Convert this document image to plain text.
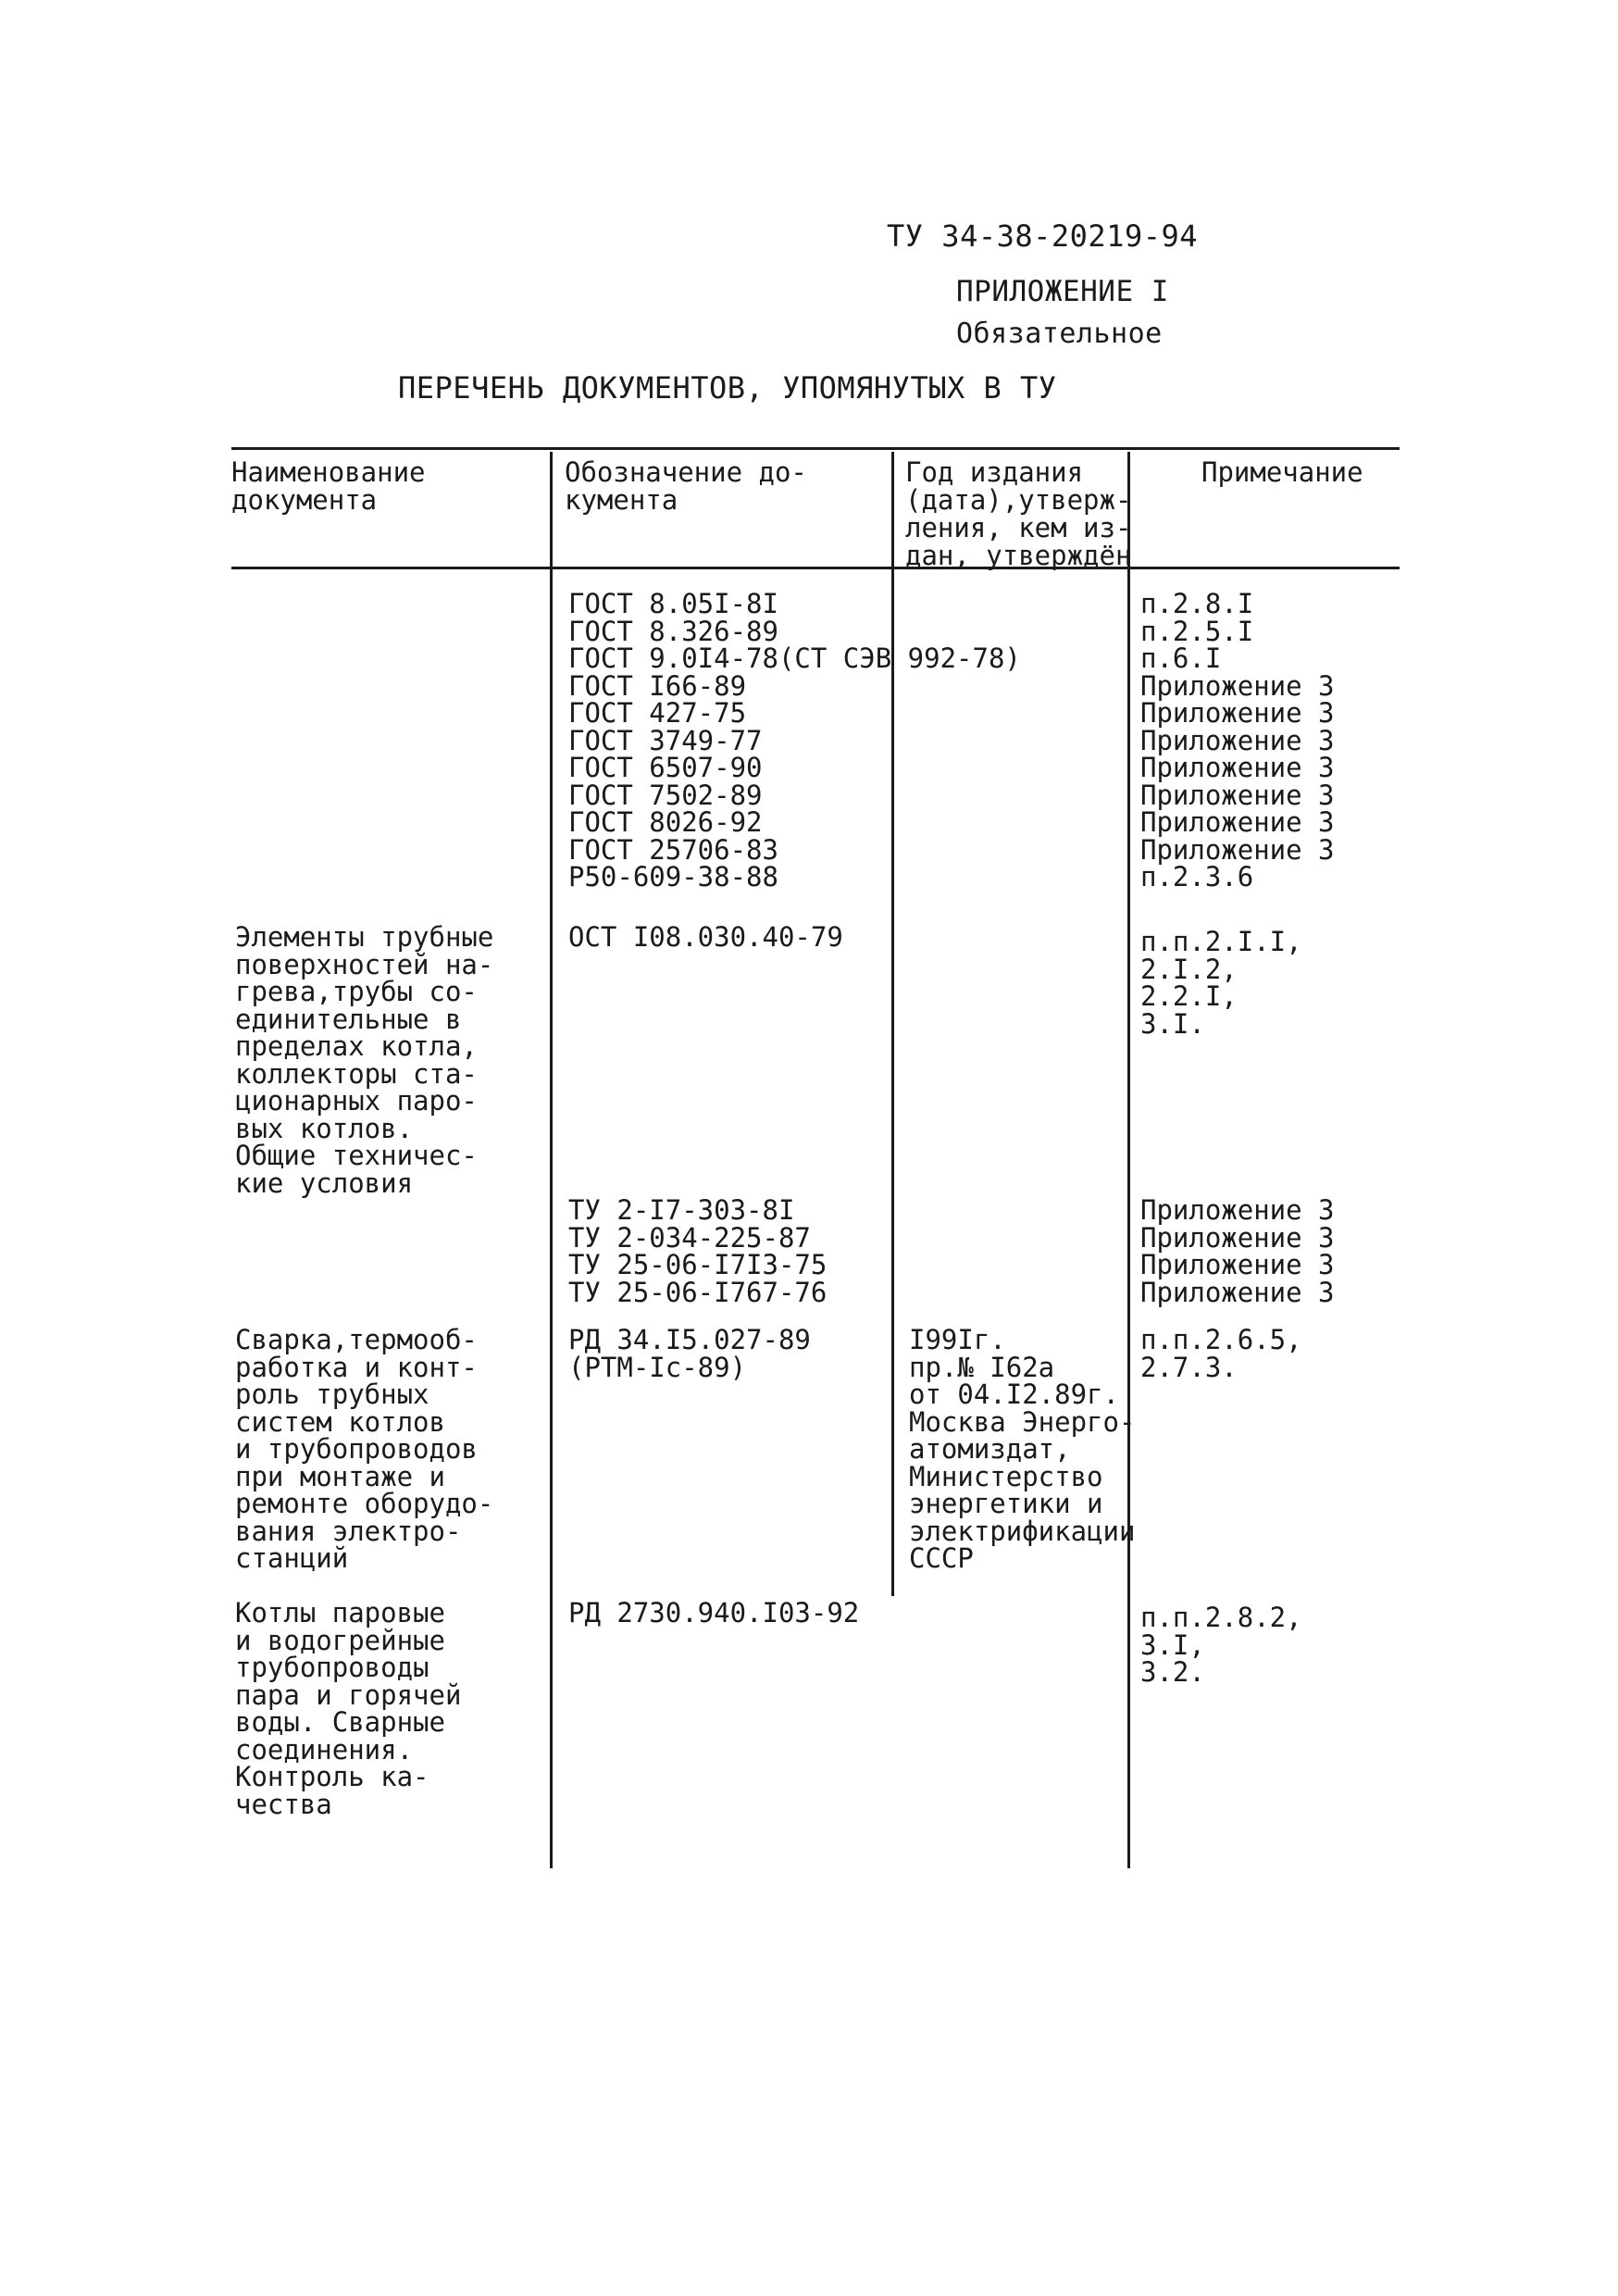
ТУ 34-38-20219-94
ПРИЛОЖЕНИЕ I
Обязательное
ПЕРЕЧЕНЬ ДОКУМЕНТОВ, УПОМЯНУТЫХ В ТУ
Наименование
документа
Обозначение до-
кумента
Год издания
(дата),утверж-
ления, кем из-
дан, утверждён
Примечание
ГОСТ 8.05I-8I
ГОСТ 8.326-89
ГОСТ 9.0I4-78(СТ СЭВ 992-78)
ГОСТ I66-89
ГОСТ 427-75
ГОСТ 3749-77
ГОСТ 6507-90
ГОСТ 7502-89
ГОСТ 8026-92
ГОСТ 25706-83
Р50-609-38-88
п.2.8.I
п.2.5.I
п.6.I
Приложение 3
Приложение 3
Приложение 3
Приложение 3
Приложение 3
Приложение 3
Приложение 3
п.2.3.6
Элементы трубные
поверхностей на-
грева,трубы со-
единительные в
пределах котла,
коллекторы ста-
ционарных паро-
вых котлов.
Общие техничес-
кие условия
ОСТ I08.030.40-79	п.п.2.I.I,
2.I.2,
2.2.I,
3.I.
ТУ 2-I7-303-8I
ТУ 2-034-225-87
ТУ 25-06-I7I3-75
ТУ 25-06-I767-76
Приложение 3
Приложение 3
Приложение 3
Приложение 3
Сварка,термооб-
работка и конт-
роль трубных
систем котлов
и трубопроводов
при монтаже и
ремонте оборудо-
вания электро-
станций
РД 34.I5.027-89
(РТМ-Iс-89)
I99Iг.
пр.№ I62а
от 04.I2.89г.
Москва Энерго-
атомиздат,
Министерство
энергетики и
электрификации
СССР
п.п.2.6.5,
2.7.3.
Котлы паровые
и водогрейные
трубопроводы
пара и горячей
воды. Сварные
соединения.
Контроль ка-
чества
РД 2730.940.I03-92	п.п.2.8.2,
3.I,
3.2.
